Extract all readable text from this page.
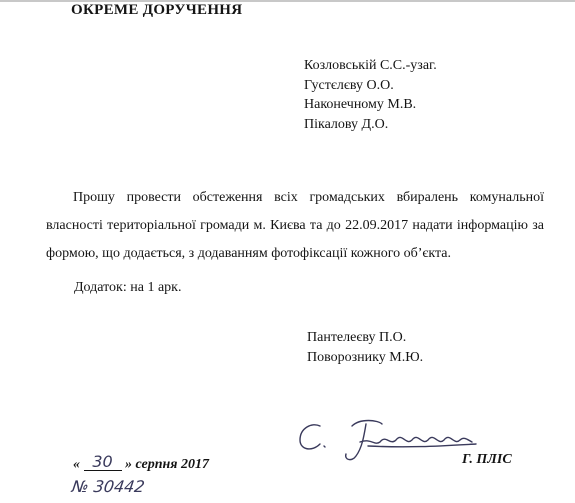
ОКРЕМЕ ДОРУЧЕННЯ
Козловській С.С.-узаг.
Густєлєву О.О.
Наконечному М.В.
Пікалову Д.О.
Прошу провести обстеження всіх громадських вбиралень комунальної власності територіальної громади м. Києва та до 22.09.2017 надати інформацію за формою, що додається, з додаванням фотофіксації кожного об’єкта.
Додаток: на 1 арк.
Пантелеєву П.О.
Поворознику М.Ю.
« 30 » серпня 2017
№ 30442
Г. ПЛІС
